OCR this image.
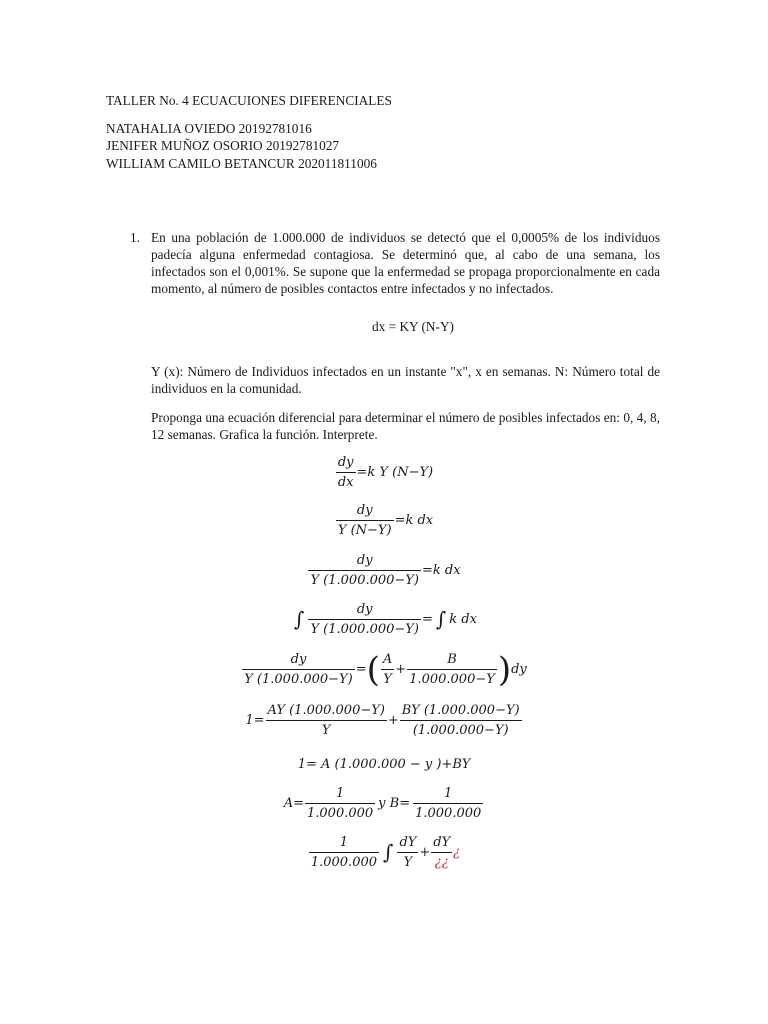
TALLER No. 4 ECUACUIONES DIFERENCIALES
NATAHALIA OVIEDO 20192781016
JENIFER MUÑOZ OSORIO 20192781027
WILLIAM CAMILO BETANCUR 202011811006
1. En una población de 1.000.000 de individuos se detectó que el 0,0005% de los individuos padecía alguna enfermedad contagiosa. Se determinó que, al cabo de una semana, los infectados son el 0,001%. Se supone que la enfermedad se propaga proporcionalmente en cada momento, al número de posibles contactos entre infectados y no infectados.
dx = KY (N-Y)
Y (x): Número de Individuos infectados en un instante "x", x en semanas. N: Número total de individuos en la comunidad.
Proponga una ecuación diferencial para determinar el número de posibles infectados en: 0, 4, 8, 12 semanas. Grafica la función. Interprete.
$\frac{dy}{dx} =k$ Y (N−Y)
$\frac{dy}{Y (N-Y)} =k$ dx
$\frac{dy}{Y (1.000.000-Y)} =k$ dx
∫ $\frac{dy}{Y (1.000.000-Y)}$ = ∫ k dx
$\frac{dy}{Y (1.000.000-Y)}$ = ( $\frac{A}{Y} + \frac{B}{1.000.000-Y}$ ) dy
$1= \frac{AY (1.000.000-Y)}{Y} + \frac{BY (1.000.000-Y)}{(1.000.000-Y)}$
1= A (1.000.000 − y )+BY
$A= \frac{1}{1.000.000}$ y $B= \frac{1}{1.000.000}$
$\frac{1}{1.000.000}$ ∫ $\frac{dY}{Y} + \frac{dY}{¿¿}$ ¿
